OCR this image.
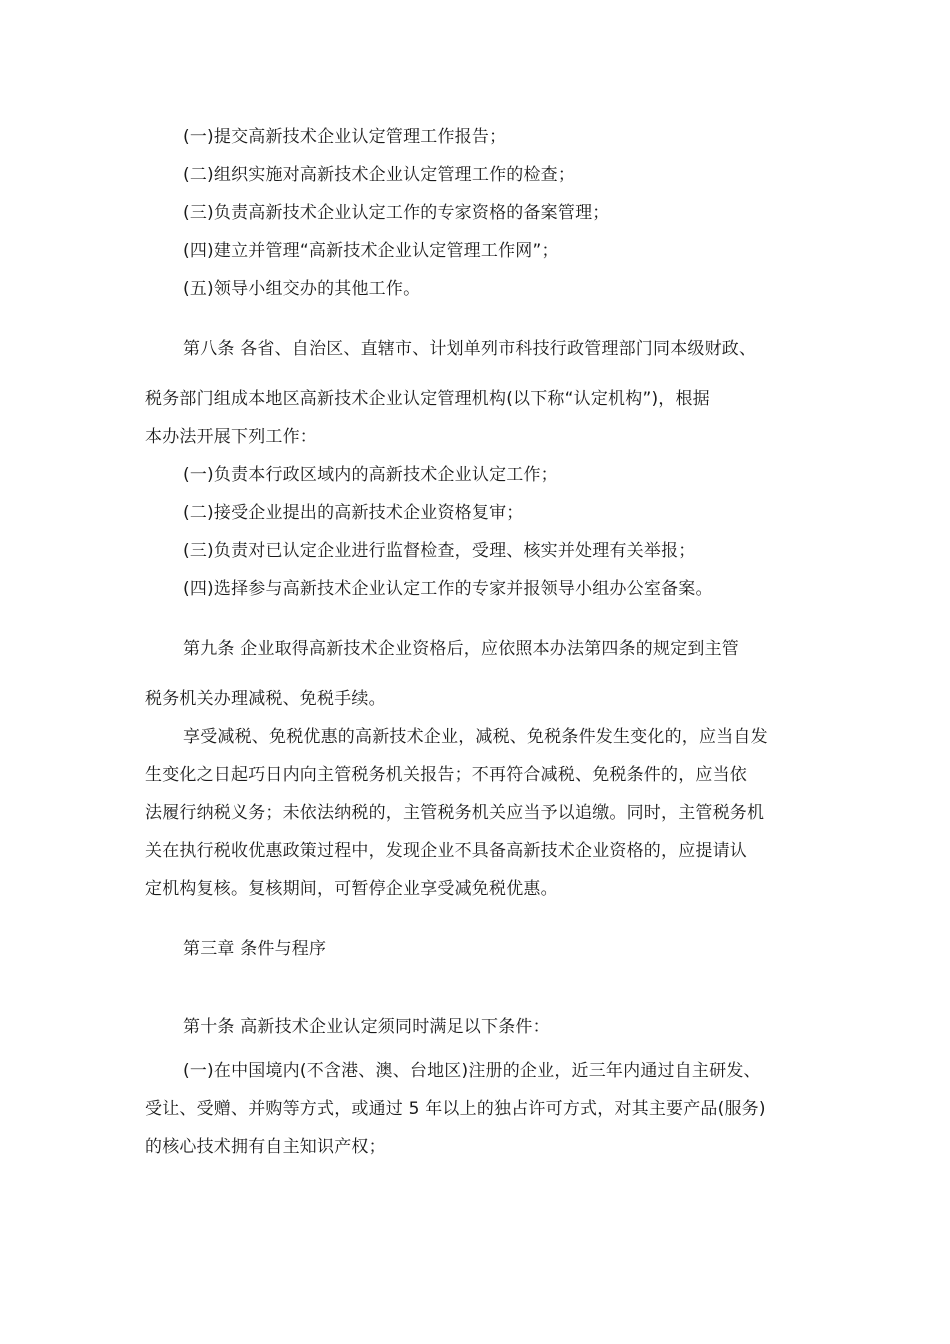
(一)提交高新技术企业认定管理工作报告；
(二)组织实施对高新技术企业认定管理工作的检查；
(三)负责高新技术企业认定工作的专家资格的备案管理；
(四)建立并管理“高新技术企业认定管理工作网”；
(五)领导小组交办的其他工作。
第八条 各省、自治区、直辖市、计划单列市科技行政管理部门同本级财政、
税务部门组成本地区高新技术企业认定管理机构(以下称“认定机构”)，根据
本办法开展下列工作：
(一)负责本行政区域内的高新技术企业认定工作；
(二)接受企业提出的高新技术企业资格复审；
(三)负责对已认定企业进行监督检查，受理、核实并处理有关举报；
(四)选择参与高新技术企业认定工作的专家并报领导小组办公室备案。
第九条 企业取得高新技术企业资格后，应依照本办法第四条的规定到主管
税务机关办理减税、免税手续。
享受减税、免税优惠的高新技术企业，减税、免税条件发生变化的，应当自发
生变化之日起巧日内向主管税务机关报告；不再符合减税、免税条件的，应当依
法履行纳税义务；未依法纳税的，主管税务机关应当予以追缴。同时，主管税务机
关在执行税收优惠政策过程中，发现企业不具备高新技术企业资格的，应提请认
定机构复核。复核期间，可暂停企业享受减免税优惠。
第三章 条件与程序
第十条 高新技术企业认定须同时满足以下条件：
(一)在中国境内(不含港、澳、台地区)注册的企业，近三年内通过自主研发、
受让、受赠、并购等方式，或通过 5 年以上的独占许可方式，对其主要产品(服务)
的核心技术拥有自主知识产权；
